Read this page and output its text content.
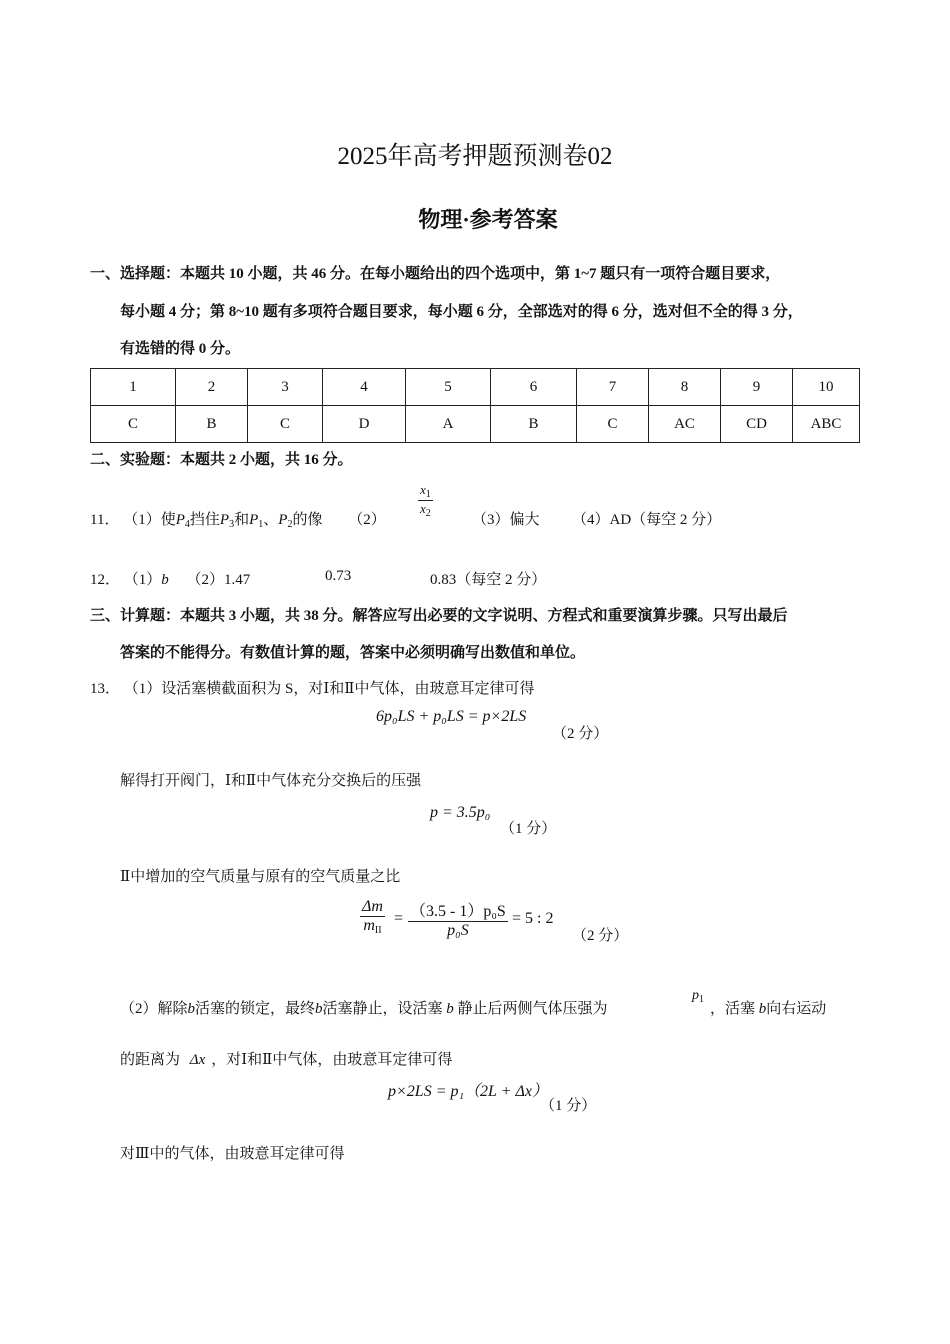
2025年高考押题预测卷02
物理·参考答案
一、选择题：本题共 10 小题，共 46 分。在每小题给出的四个选项中，第 1~7 题只有一项符合题目要求，
每小题 4 分；第 8~10 题有多项符合题目要求，每小题 6 分，全部选对的得 6 分，选对但不全的得 3 分，
有选错的得 0 分。
1	2	3	4	5	6	7	8	9	10
C	B	C	D	A	B	C	AC	CD	ABC
二、实验题：本题共 2 小题，共 16 分。
11． （1）使$P_4$挡住$P_3$和$P_1$、$P_2$的像 （2）
$\frac{x_1}{x_2}$
（3）偏大 （4）AD（每空 2 分）
12． （1）b （2）1.47	0.73	0.83（每空 2 分）
三、计算题：本题共 3 小题，共 38 分。解答应写出必要的文字说明、方程式和重要演算步骤。只写出最后
答案的不能得分。有数值计算的题，答案中必须明确写出数值和单位。
13． （1）设活塞横截面积为 S，对Ⅰ和Ⅱ中气体，由玻意耳定律可得
6p₀LS + p₀LS = p×2LS
（2 分）
解得打开阀门，Ⅰ和Ⅱ中气体充分交换后的压强
p = 3.5p₀
（1 分）
Ⅱ中增加的空气质量与原有的空气质量之比
Δm
$m_{II}$
= $\frac{\text{（3.5 - 1）p₀S}}{\text{p₀S}} = 5$ : 2
（2 分）
（2）解除b活塞的锁定，最终b活塞静止，设活塞 b 静止后两侧气体压强为
$p_1$
，活塞 b向右运动
的距离为 Δx ，对Ⅰ和Ⅱ中气体，由玻意耳定律可得
p×2LS = p₁（2L + Δx）
（1 分）
对Ⅲ中的气体，由玻意耳定律可得
